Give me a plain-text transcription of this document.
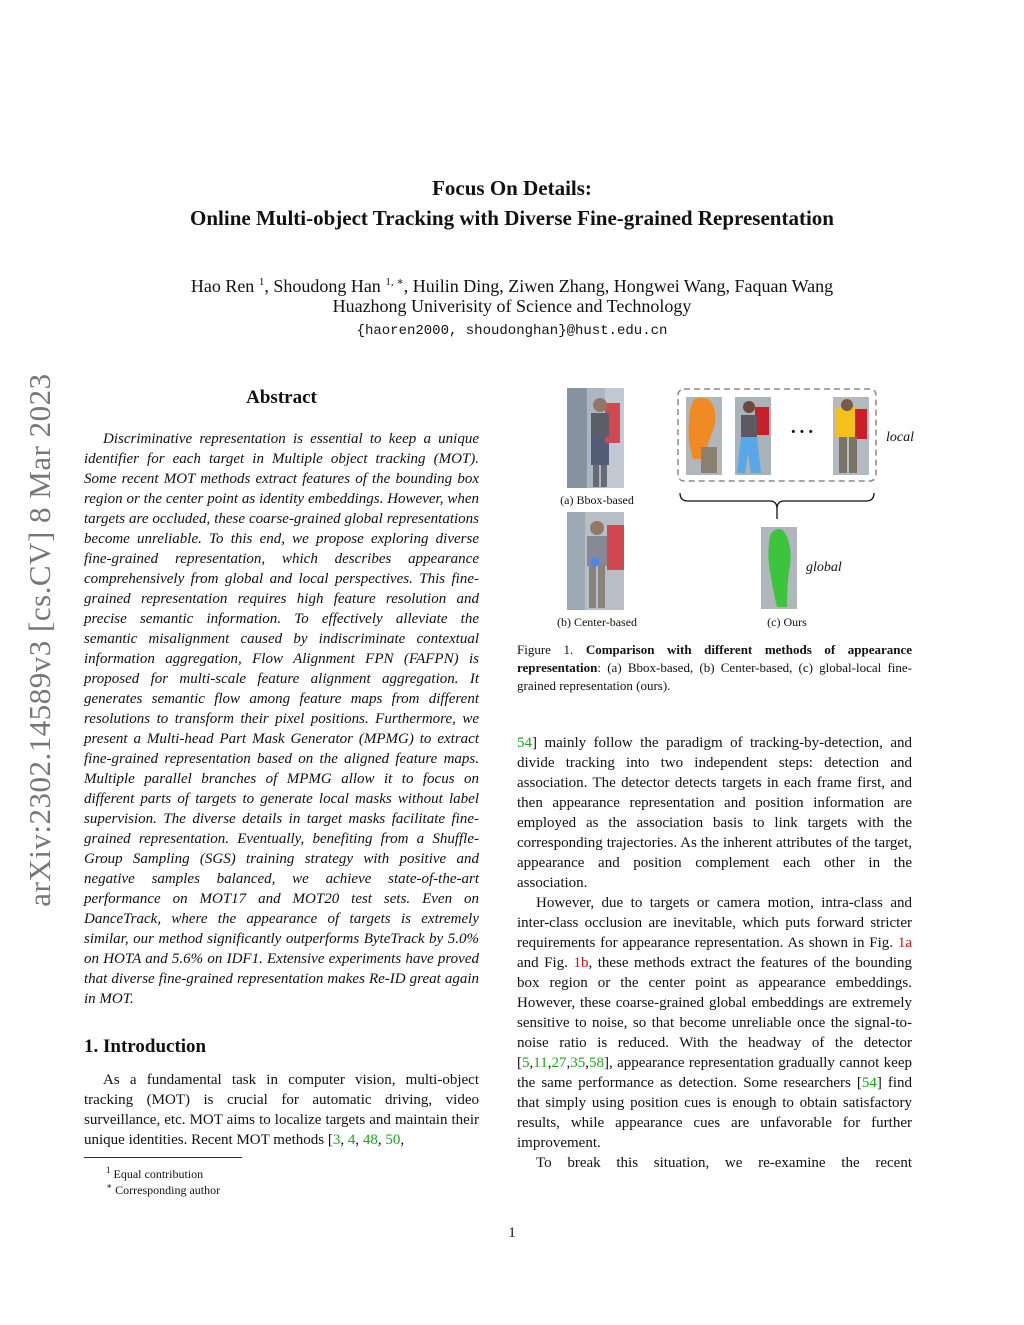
Focus On Details:
Online Multi-object Tracking with Diverse Fine-grained Representation
Hao Ren $^1$, Shoudong Han $^{1, ∗}$, Huilin Ding, Ziwen Zhang, Hongwei Wang, Faquan Wang
Huazhong Univerisity of Science and Technology
{haoren2000, shoudonghan}@hust.edu.cn
arXiv:2302.14589v3 [cs.CV] 8 Mar 2023	Abstract

Discriminative representation is essential to keep a unique identifier for each target in Multiple object tracking (MOT). Some recent MOT methods extract features of the bounding box region or the center point as identity embeddings. However, when targets are occluded, these coarse-grained global representations become unreliable. To this end, we propose exploring diverse fine-grained representation, which describes appearance comprehensively from global and local perspectives. This fine-grained representation requires high feature resolution and precise semantic information. To effectively alleviate the semantic misalignment caused by indiscriminate contextual information aggregation, Flow Alignment FPN (FAFPN) is proposed for multi-scale feature alignment aggregation. It generates semantic flow among feature maps from different resolutions to transform their pixel positions. Furthermore, we present a Multi-head Part Mask Generator (MPMG) to extract fine-grained representation based on the aligned feature maps. Multiple parallel branches of MPMG allow it to focus on different parts of targets to generate local masks without label supervision. The diverse details in target masks facilitate fine-grained representation. Eventually, benefiting from a Shuffle-Group Sampling (SGS) training strategy with positive and negative samples balanced, we achieve state-of-the-art performance on MOT17 and MOT20 test sets. Even on DanceTrack, where the appearance of targets is extremely similar, our method significantly outperforms ByteTrack by 5.0% on HOTA and 5.6% on IDF1. Extensive experiments have proved that diverse fine-grained representation makes Re-ID great again in MOT.

1. Introduction

As a fundamental task in computer vision, multi-object tracking (MOT) is crucial for automatic driving, video surveillance, etc. MOT aims to localize targets and maintain their unique identities. Recent MOT methods [3, 4, 48, 50,

$^1$ Equal contribution
∗ Corresponding author
···
(a) Bbox-based
(b) Center-based	(c) Ours
local
global

Figure 1. Comparison with different methods of appearance representation: (a) Bbox-based, (b) Center-based, (c) global-local fine-grained representation (ours).

54] mainly follow the paradigm of tracking-by-detection, and divide tracking into two independent steps: detection and association. The detector detects targets in each frame first, and then appearance representation and position information are employed as the association basis to link targets with the corresponding trajectories. As the inherent attributes of the target, appearance and position complement each other in the association.

However, due to targets or camera motion, intra-class and inter-class occlusion are inevitable, which puts forward stricter requirements for appearance representation. As shown in Fig. 1a and Fig. 1b, these methods extract the features of the bounding box region or the center point as appearance embeddings. However, these coarse-grained global embeddings are extremely sensitive to noise, so that become unreliable once the signal-to-noise ratio is reduced. With the headway of the detector [5,11,27,35,58], appearance representation gradually cannot keep the same performance as detection. Some researchers [54] find that simply using position cues is enough to obtain satisfactory results, while appearance cues are unfavorable for further improvement.

To break this situation, we re-examine the recent

1
